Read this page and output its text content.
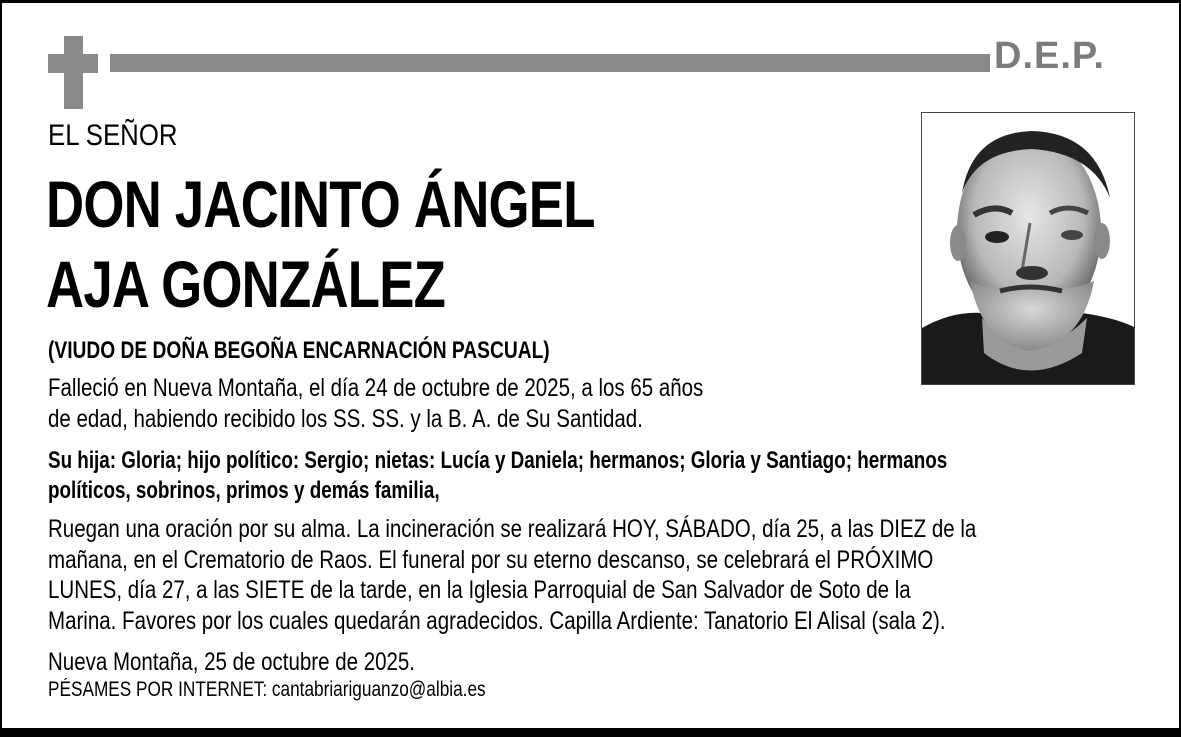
D.E.P.
EL SEÑOR
DON JACINTO ÁNGEL
AJA GONZÁLEZ
(VIUDO DE DOÑA BEGOÑA ENCARNACIÓN PASCUAL)
Falleció en Nueva Montaña, el día 24 de octubre de 2025, a los 65 años
de edad, habiendo recibido los SS. SS. y la B. A. de Su Santidad.
Su hija: Gloria; hijo político: Sergio; nietas: Lucía y Daniela; hermanos; Gloria y Santiago; hermanos
políticos, sobrinos, primos y demás familia,
Ruegan una oración por su alma. La incineración se realizará HOY, SÁBADO, día 25, a las DIEZ de la
mañana, en el Crematorio de Raos. El funeral por su eterno descanso, se celebrará el PRÓXIMO
LUNES, día 27, a las SIETE de la tarde, en la Iglesia Parroquial de San Salvador de Soto de la
Marina. Favores por los cuales quedarán agradecidos. Capilla Ardiente: Tanatorio El Alisal (sala 2).
Nueva Montaña, 25 de octubre de 2025.
PÉSAMES POR INTERNET: cantabriariguanzo@albia.es
